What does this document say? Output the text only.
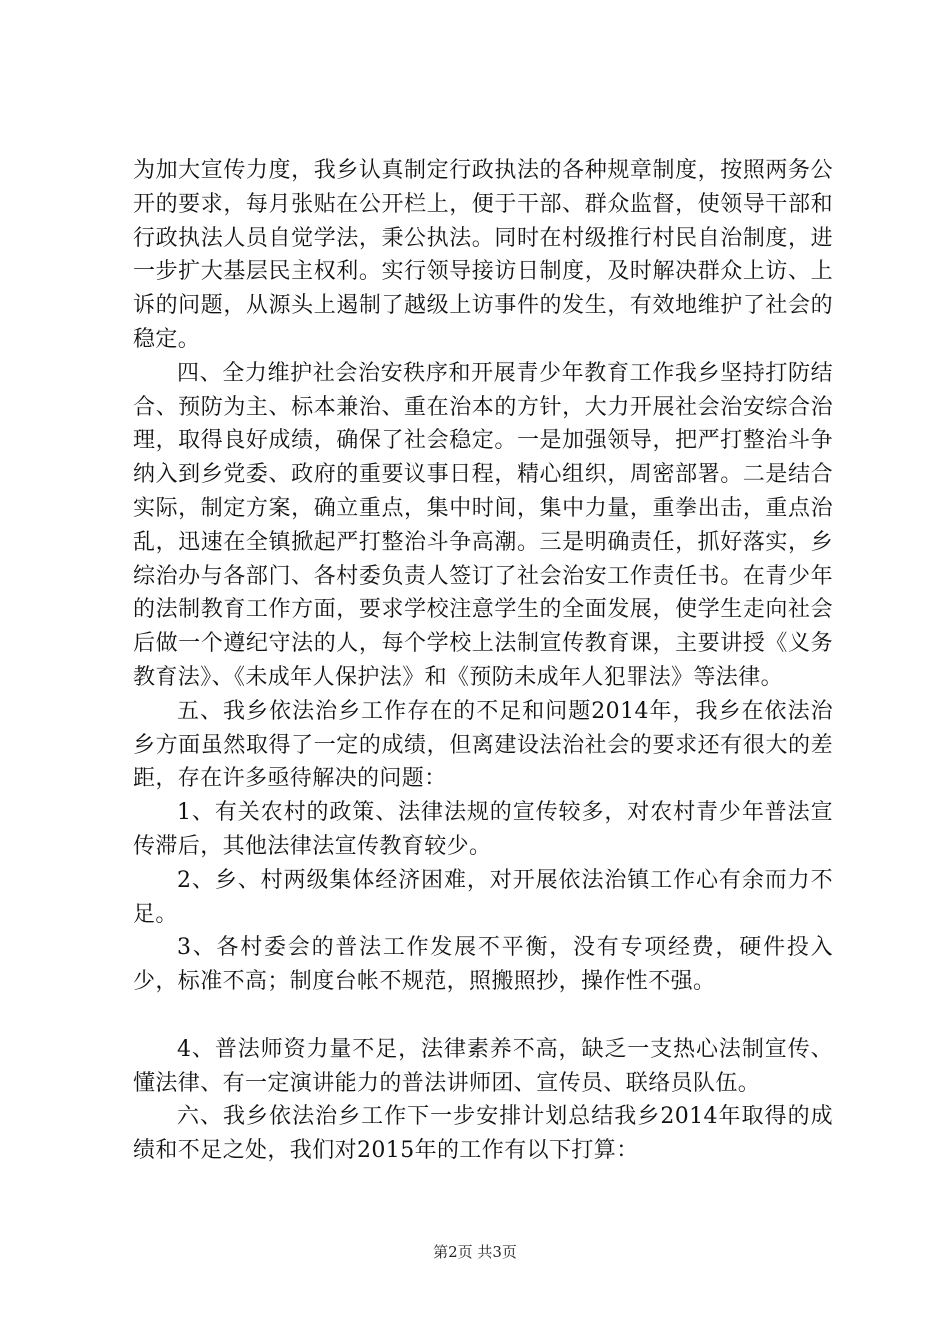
为加大宣传力度，我乡认真制定行政执法的各种规章制度，按照两务公开的要求，每月张贴在公开栏上，便于干部、群众监督，使领导干部和行政执法人员自觉学法，秉公执法。同时在村级推行村民自治制度，进一步扩大基层民主权利。实行领导接访日制度，及时解决群众上访、上诉的问题，从源头上遏制了越级上访事件的发生，有效地维护了社会的稳定。

四、全力维护社会治安秩序和开展青少年教育工作我乡坚持打防结合、预防为主、标本兼治、重在治本的方针，大力开展社会治安综合治理，取得良好成绩，确保了社会稳定。一是加强领导，把严打整治斗争纳入到乡党委、政府的重要议事日程，精心组织，周密部署。二是结合实际，制定方案，确立重点，集中时间，集中力量，重拳出击，重点治乱，迅速在全镇掀起严打整治斗争高潮。三是明确责任，抓好落实，乡综治办与各部门、各村委负责人签订了社会治安工作责任书。在青少年的法制教育工作方面，要求学校注意学生的全面发展，使学生走向社会后做一个遵纪守法的人，每个学校上法制宣传教育课，主要讲授《义务教育法》、《未成年人保护法》和《预防未成年人犯罪法》等法律。

五、我乡依法治乡工作存在的不足和问题2014年，我乡在依法治乡方面虽然取得了一定的成绩，但离建设法治社会的要求还有很大的差距，存在许多亟待解决的问题：

1、有关农村的政策、法律法规的宣传较多，对农村青少年普法宣传滞后，其他法律法宣传教育较少。

2、乡、村两级集体经济困难，对开展依法治镇工作心有余而力不足。

3、各村委会的普法工作发展不平衡，没有专项经费，硬件投入少，标准不高；制度台帐不规范，照搬照抄，操作性不强。

4、普法师资力量不足，法律素养不高，缺乏一支热心法制宣传、懂法律、有一定演讲能力的普法讲师团、宣传员、联络员队伍。

六、我乡依法治乡工作下一步安排计划总结我乡2014年取得的成绩和不足之处，我们对2015年的工作有以下打算：

第2页 共3页
